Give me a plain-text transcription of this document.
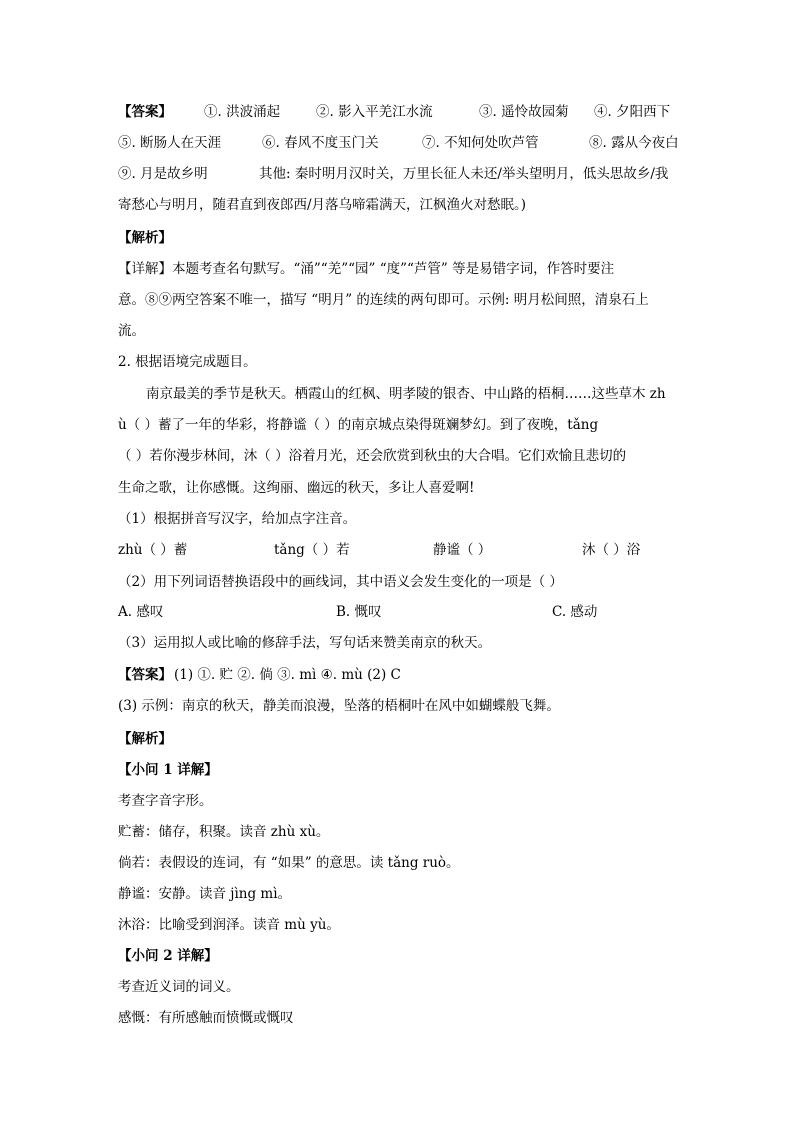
【答案】 ①. 洪波涌起	②. 影入平羌江水流	③. 遥怜故园菊 ④. 夕阳西下
⑤. 断肠人在天涯	⑥. 春风不度玉门关	⑦. 不知何处吹芦管	⑧. 露从今夜白
⑨. 月是故乡明	其他: 秦时明月汉时关，万里长征人未还/举头望明月，低头思故乡/我
寄愁心与明月，随君直到夜郎西/月落乌啼霜满天，江枫渔火对愁眠。)
【解析】
【详解】本题考查名句默写。“涌”“羌”“园” “度”“芦管” 等是易错字词，作答时要注
意。⑧⑨两空答案不唯一，描写 “明月” 的连续的两句即可。示例: 明月松间照，清泉石上
流。
2. 根据语境完成题目。
南京最美的季节是秋天。栖霞山的红枫、明孝陵的银杏、中山路的梧桐……这些草木 zh
ù（ ）蓄了一年的华彩，将静谧（ ）的南京城点染得斑斓梦幻。到了夜晚，tǎng
（ ）若你漫步林间，沐（ ）浴着月光，还会欣赏到秋虫的大合唱。它们欢愉且悲切的
生命之歌，让你感慨。这绚丽、幽远的秋天，多让人喜爱啊!
（1）根据拼音写汉字，给加点字注音。
zhù（ ）蓄	tǎng（ ）若	静谧（ ）	沐（ ）浴
（2）用下列词语替换语段中的画线词，其中语义会发生变化的一项是（ ）
A. 感叹	B. 慨叹	C. 感动
（3）运用拟人或比喻的修辞手法，写句话来赞美南京的秋天。
【答案】 (1) ①. 贮 ②. 倘 ③. mì ④. mù (2) C
(3) 示例：南京的秋天，静美而浪漫，坠落的梧桐叶在风中如蝴蝶般飞舞。
【解析】
【小问 1 详解】
考查字音字形。
贮蓄：储存，积聚。读音 zhù xù。
倘若：表假设的连词，有 “如果” 的意思。读 tǎng ruò。
静谧：安静。读音 jìng mì。
沐浴：比喻受到润泽。读音 mù yù。
【小问 2 详解】
考查近义词的词义。
感慨：有所感触而愤慨或慨叹
